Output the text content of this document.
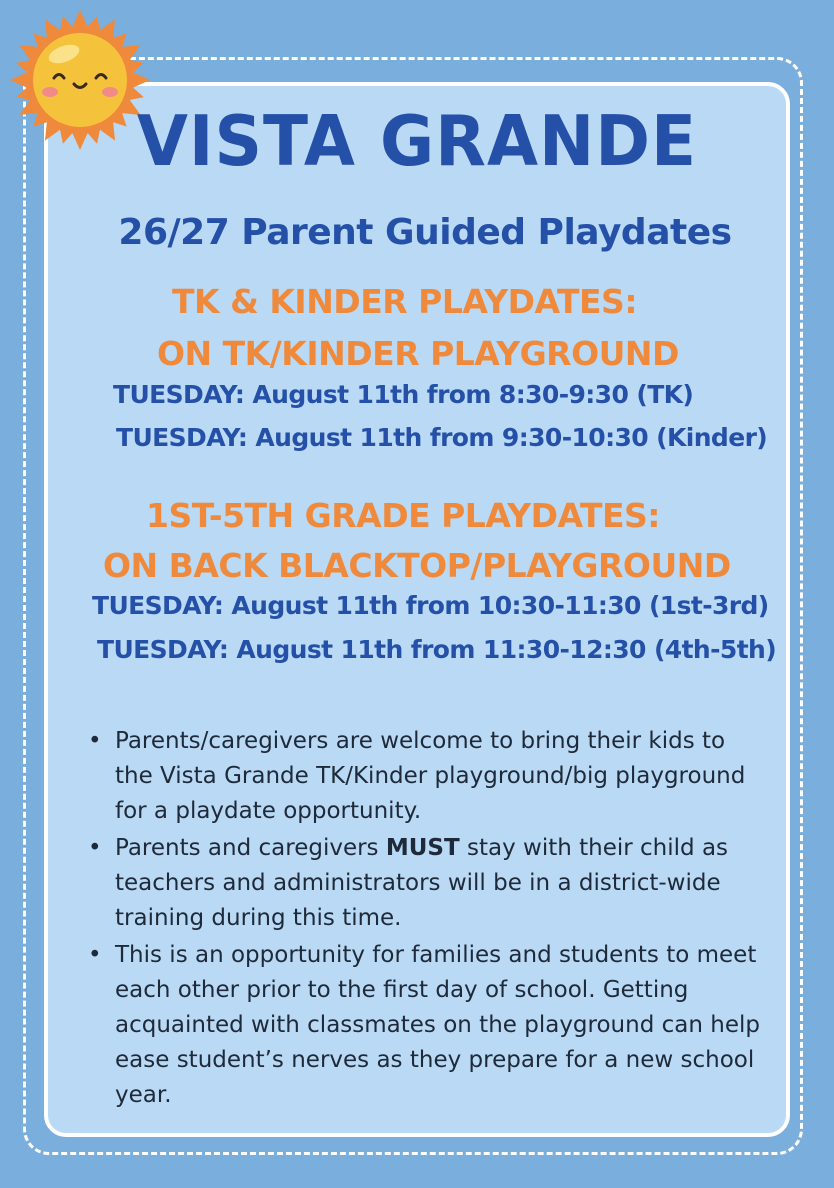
VISTA GRANDE
26/27 Parent Guided Playdates
TK & KINDER PLAYDATES:
ON TK/KINDER PLAYGROUND
TUESDAY: August 11th from 8:30-9:30 (TK)
TUESDAY: August 11th from 9:30-10:30 (Kinder)
1ST-5TH GRADE PLAYDATES:
ON BACK BLACKTOP/PLAYGROUND
TUESDAY: August 11th from 10:30-11:30 (1st-3rd)
TUESDAY: August 11th from 11:30-12:30 (4th-5th)
• Parents/caregivers are welcome to bring their kids to the Vista Grande TK/Kinder playground/big playground for a playdate opportunity.
• Parents and caregivers MUST stay with their child as teachers and administrators will be in a district-wide training during this time.
• This is an opportunity for families and students to meet each other prior to the first day of school. Getting acquainted with classmates on the playground can help ease student’s nerves as they prepare for a new school year.
